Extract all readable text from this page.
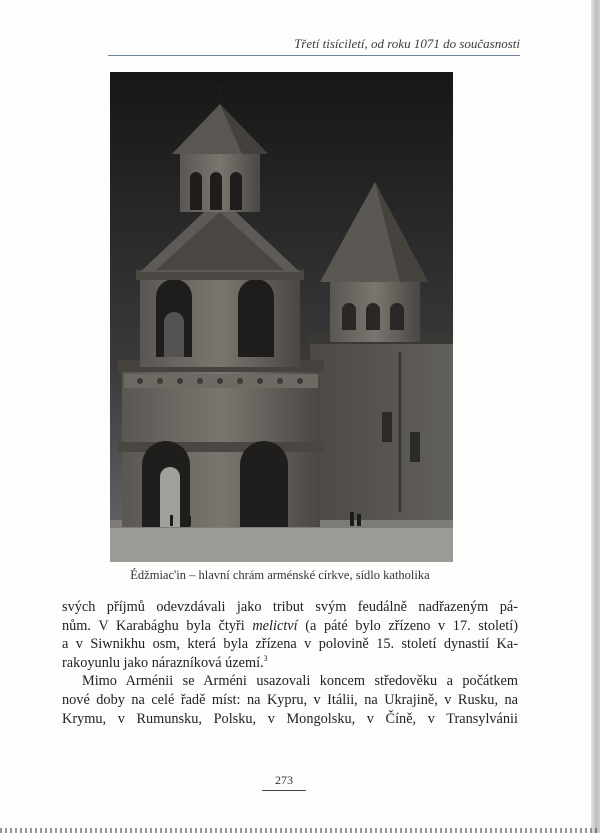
Třetí tisíciletí, od roku 1071 do současnosti
Édžmiac'in – hlavní chrám arménské církve, sídlo katholika
svých příjmů odevzdávali jako tribut svým feudálně nadřazeným pá-
nům. V Karabághu byla čtyři melictví (a páté bylo zřízeno v 17. století)
a v Siwnikhu osm, která byla zřízena v polovině 15. století dynastií Ka-
rakoyunlu jako nárazníková území.$^3$
Mimo Arménii se Arméni usazovali koncem středověku a počátkem
nové doby na celé řadě míst: na Kypru, v Itálii, na Ukrajině, v Rusku, na
Krymu, v Rumunsku, Polsku, v Mongolsku, v Číně, v Transylvánii
273
